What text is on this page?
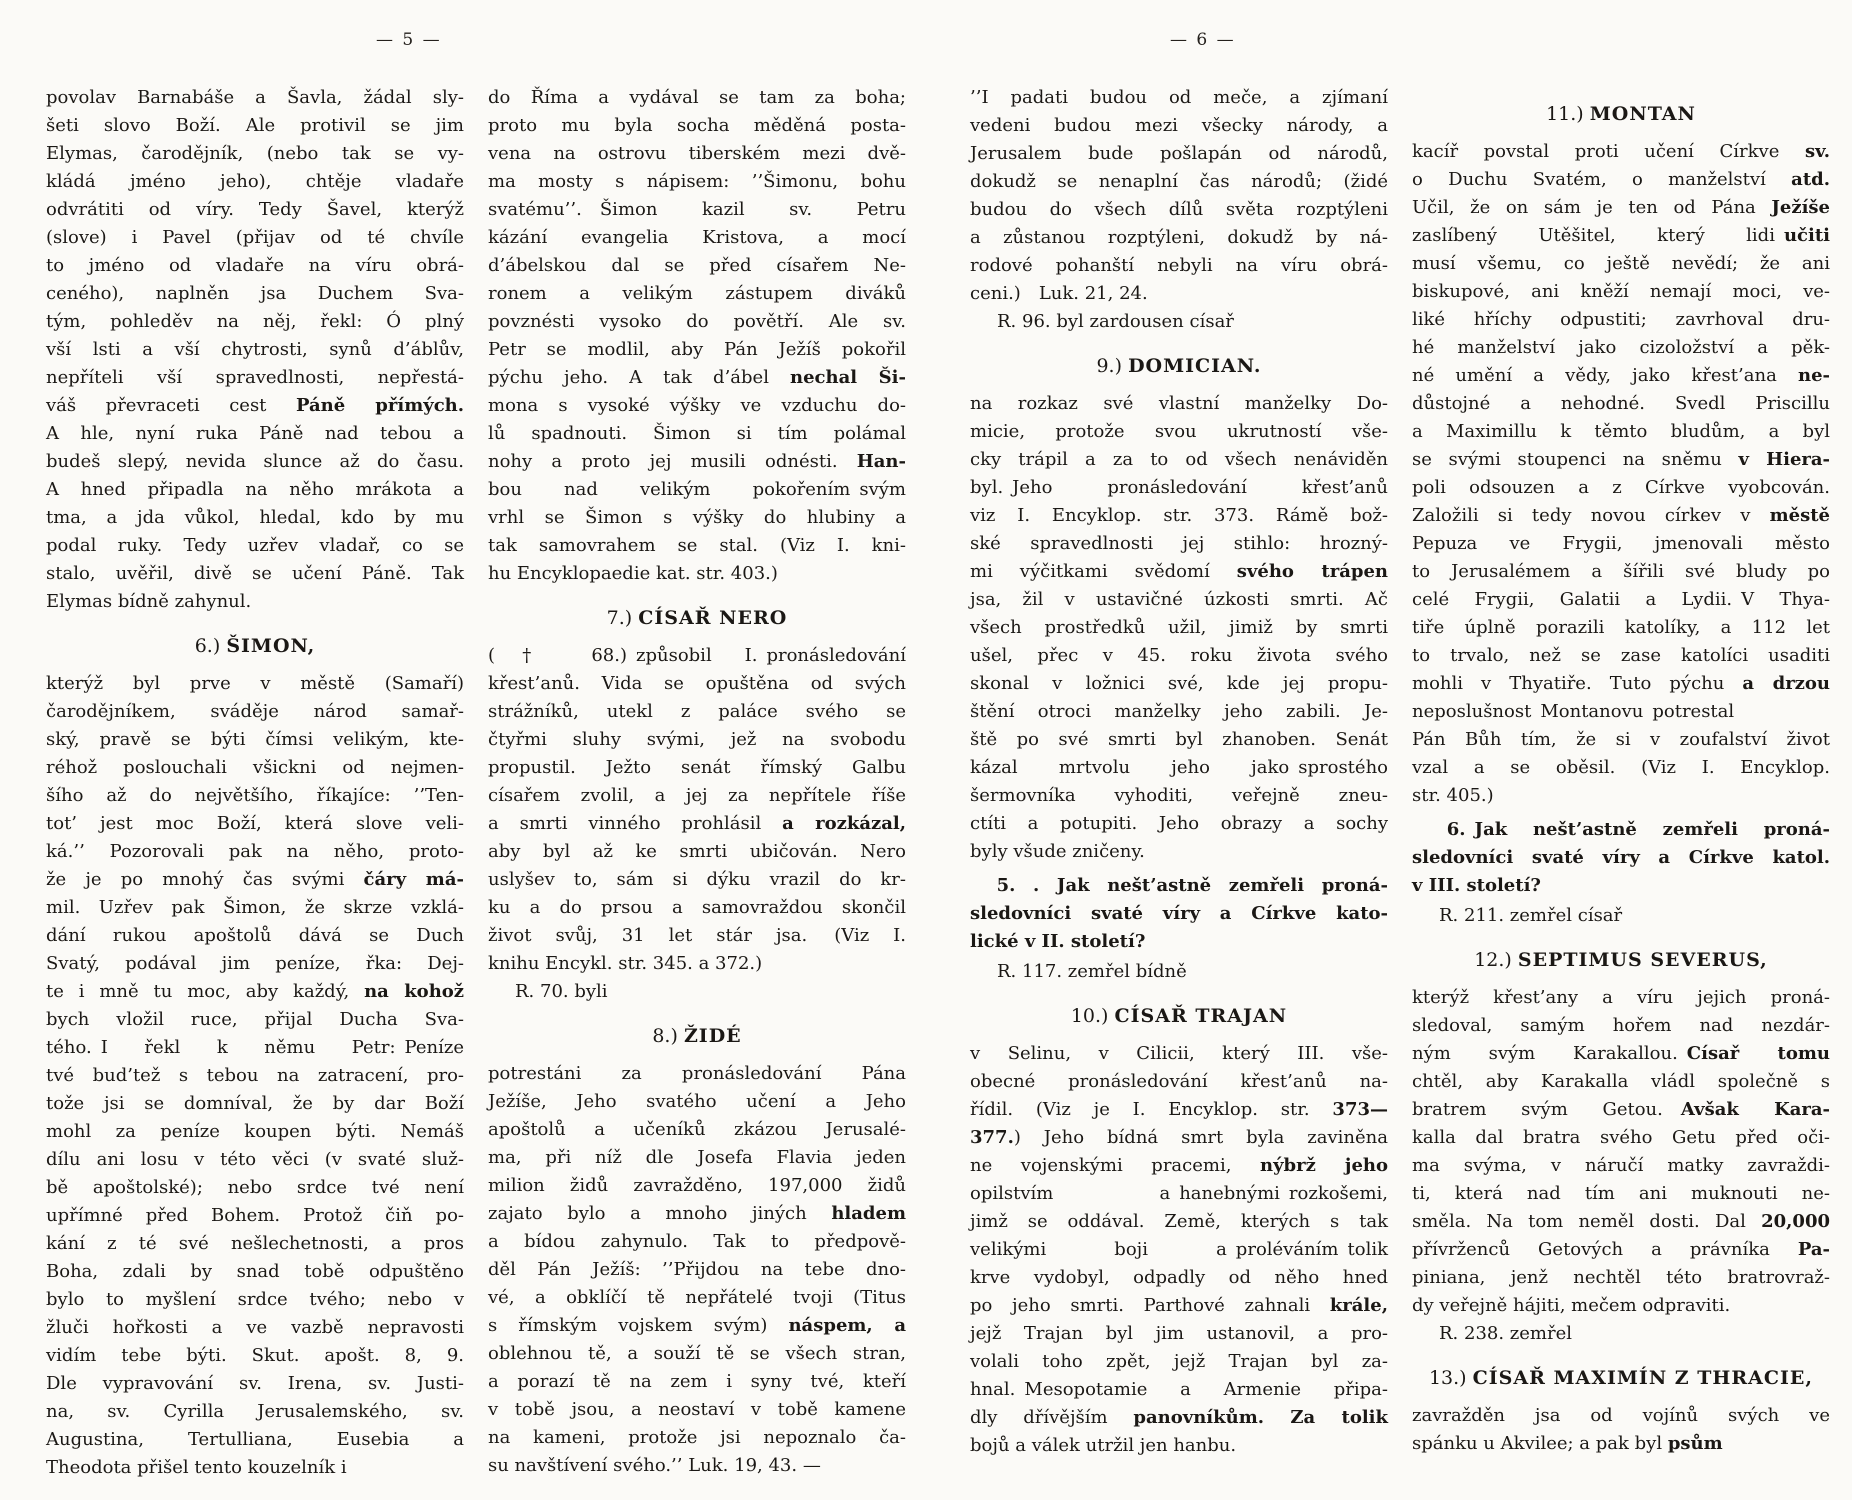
— 5 —

povolav Barnabáše a Šavla, žádal sly-
šeti slovo Boží. Ale protivil se jim
Elymas, čarodějník, (nebo tak se vy-
kládá jméno jeho), chtěje vladaře
odvrátiti od víry. Tedy Šavel, kterýž
(slove) i Pavel (přijav od té chvíle
to jméno od vladaře na víru obrá-
ceného), naplněn jsa Duchem Sva-
tým, pohleděv na něj, řekl: Ó plný
vší lsti a vší chytrosti, synů d’áblův,
nepříteli vší spravedlnosti, nepřestá-
váš převraceti cest Páně přímých.
A hle, nyní ruka Páně nad tebou a
budeš slepý, nevida slunce až do času.
A hned připadla na něho mrákota a
tma, a jda vůkol, hledal, kdo by mu
podal ruky. Tedy uzřev vladař, co se
stalo, uvěřil, divě se učení Páně. Tak
Elymas bídně zahynul.

6.) ŠIMON,

kterýž byl prve v městě (Samaří)
čarodějníkem, sváděje národ samař-
ský, pravě se býti čímsi velikým, kte-
réhož poslouchali všickni od nejmen-
šího až do největšího, říkajíce: ’’Ten-
tot’ jest moc Boží, která slove veli-
ká.’’ Pozorovali pak na něho, proto-
že je po mnohý čas svými čáry má-
mil. Uzřev pak Šimon, že skrze vzklá-
dání rukou apoštolů dává se Duch
Svatý, podával jim peníze, řka: Dej-
te i mně tu moc, aby každý, na kohož
bych vložil ruce, přijal Ducha Sva-
tého. I řekl k němu Petr: Peníze
tvé bud’tež s tebou na zatracení, pro-
tože jsi se domníval, že by dar Boží
mohl za peníze koupen býti. Nemáš
dílu ani losu v této věci (v svaté služ-
bě apoštolské); nebo srdce tvé není
upřímné před Bohem. Protož čiň po-
kání z té své nešlechetnosti, a pros
Boha, zdali by snad tobě odpuštěno
bylo to myšlení srdce tvého; nebo v
žluči hořkosti a ve vazbě nepravosti
vidím tebe býti. Skut. apošt. 8, 9.
Dle vypravování sv. Irena, sv. Justi-
na, sv. Cyrilla Jerusalemského, sv.
Augustina, Tertulliana, Eusebia a
Theodota přišel tento kouzelník i

do Říma a vydával se tam za boha;
proto mu byla socha měděná posta-
vena na ostrovu tiberském mezi dvě-
ma mosty s nápisem: ’’Šimonu, bohu
svatému’’.  Šimon kazil sv. Petru
kázání evangelia Kristova, a mocí
d’ábelskou dal se před císařem Ne-
ronem a velikým zástupem diváků
povznésti vysoko do povětří. Ale sv.
Petr se modlil, aby Pán Ježíš pokořil
pýchu jeho. A tak d’ábel nechal Ši-
mona s vysoké výšky ve vzduchu do-
lů spadnouti. Šimon si tím polámal
nohy a proto jej musili odnésti. Han-
bou nad velikým pokořením svým
vrhl se Šimon s výšky do hlubiny a
tak samovrahem se stal. (Viz I. kni-
hu Encyklopaedie kat. str. 403.)

7.) CÍSAŘ NERO

(† 68.) způsobil I. pronásledování
křest’anů. Vida se opuštěna od svých
strážníků, utekl z paláce svého se
čtyřmi sluhy svými, jež na svobodu
propustil. Ježto senát římský Galbu
císařem zvolil, a jej za nepřítele říše
a smrti vinného prohlásil a rozkázal,
aby byl až ke smrti ubičován. Nero
uslyšev to, sám si dýku vrazil do kr-
ku a do prsou a samovraždou skončil
život svůj, 31 let stár jsa.  (Viz I.
knihu Encykl. str. 345. a 372.)

  R. 70. byli

8.) ŽIDÉ

potrestáni za pronásledování Pána
Ježíše, Jeho svatého učení a Jeho
apoštolů a učeníků zkázou Jerusalé-
ma, při níž dle Josefa Flavia jeden
milion židů zavražděno, 197,000 židů
zajato bylo a mnoho jiných hladem
a bídou zahynulo. Tak to předpově-
děl Pán Ježíš: ’’Přijdou na tebe dno-
vé, a obklíčí tě nepřátelé tvoji (Titus
s římským vojskem svým) náspem, a
oblehnou tě, a souží tě se všech stran,
a porazí tě na zem i syny tvé, kteří
v tobě jsou, a neostaví v tobě kamene
na kameni, protože jsi nepoznalo ča-
su navštívení svého.’’ Luk. 19, 43. —

— 6 —

’’I padati budou od meče, a zjímaní
vedeni budou mezi všecky národy, a
Jerusalem bude pošlapán od národů,
dokudž se nenaplní čas národů; (židé
budou do všech dílů světa rozptýleni
a zůstanou rozptýleni, dokudž by ná-
rodové pohanští nebyli na víru obrá-
ceni.) Luk. 21, 24.

  R. 96. byl zardousen císař

9.) DOMICIAN.

na rozkaz své vlastní manželky Do-
micie, protože svou ukrutností vše-
cky trápil a za to od všech nenáviděn
byl. Jeho pronásledování křest’anů
viz I. Encyklop. str. 373. Rámě bož-
ské spravedlnosti jej stihlo: hrozný-
mi výčitkami svědomí svého trápen
jsa, žil v ustavičné úzkosti smrti. Ač
všech prostředků užil, jimiž by smrti
ušel, přec v 45. roku života svého
skonal v ložnici své, kde jej propu-
štění otroci manželky jeho zabili. Je-
ště po své smrti byl zhanoben. Senát
kázal mrtvolu jeho jako sprostého
šermovníka vyhoditi, veřejně zneu-
ctíti a potupiti. Jeho obrazy a sochy
byly všude zničeny.

  5. . Jak nešt’astně zemřeli proná-
sledovníci svaté víry a Církve kato-
lické v II. století?

  R. 117. zemřel bídně

10.) CÍSAŘ TRAJAN

v Selinu, v Cilicii, který III. vše-
obecné pronásledování křest’anů na-
řídil. (Viz je I. Encyklop. str. 373—
377.) Jeho bídná smrt byla zaviněna
ne vojenskými pracemi, nýbrž jeho
opilstvím a hanebnými rozkošemi,
jimž se oddával. Země, kterých s tak
velikými boji a proléváním tolik
krve vydobyl, odpadly od něho hned
po jeho smrti. Parthové zahnali krále,
jejž Trajan byl jim ustanovil, a pro-
volali toho zpět, jejž Trajan byl za-
hnal. Mesopotamie a Armenie připa-
dly dřívějším panovníkům. Za tolik
bojů a válek utržil jen hanbu.

11.) MONTAN

kacíř povstal proti učení Církve sv.
o Duchu Svatém, o manželství atd.
Učil, že on sám je ten od Pána Ježíše
zaslíbený Utěšitel, který lidi učiti
musí všemu, co ještě nevědí; že ani
biskupové, ani kněží nemají moci, ve-
liké hříchy odpustiti; zavrhoval dru-
hé manželství jako cizoložství a pěk-
né umění a vědy, jako křest’ana ne-
důstojné a nehodné. Svedl Priscillu
a Maximillu k těmto bludům, a byl
se svými stoupenci na sněmu v Hiera-
poli odsouzen a z Církve vyobcován.
Založili si tedy novou církev v městě
Pepuza ve Frygii, jmenovali město
to Jerusalémem a šířili své bludy po
celé Frygii, Galatii a Lydii. V Thya-
tiře úplně porazili katolíky, a 112 let
to trvalo, než se zase katolíci usaditi
mohli v Thyatiře. Tuto pýchu a drzou
neposlušnost Montanovu potrestal
Pán Bůh tím, že si v zoufalství život
vzal a se oběsil. (Viz I. Encyklop.
str. 405.)

  6. Jak nešt’astně zemřeli proná-
sledovníci svaté víry a Církve katol.
v III. století?

  R. 211. zemřel císař

12.) SEPTIMUS SEVERUS,

kterýž křest’any a víru jejich proná-
sledoval, samým hořem nad nezdár-
ným svým Karakallou. Císař tomu
chtěl, aby Karakalla vládl společně s
bratrem svým Getou.  Avšak Kara-
kalla dal bratra svého Getu před oči-
ma svýma, v náručí matky zavraždi-
ti, která nad tím ani muknouti ne-
směla. Na tom neměl dosti. Dal 20,000
přívrženců Getových a právníka Pa-
piniana, jenž nechtěl této bratrovraž-
dy veřejně hájiti, mečem odpraviti.

  R. 238. zemřel

13.) CÍSAŘ MAXIMÍN Z THRACIE,

zavražděn jsa od vojínů svých ve
spánku u Akvilee; a pak byl psům
